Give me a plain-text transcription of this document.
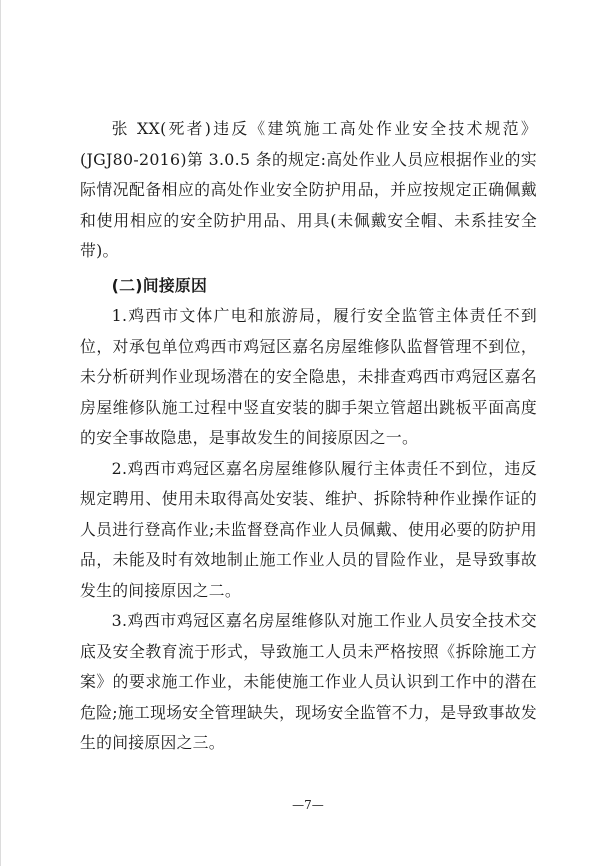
张 XX(死者)违反《建筑施工高处作业安全技术规范》(JGJ80-2016)第 3.0.5 条的规定:高处作业人员应根据作业的实际情况配备相应的高处作业安全防护用品，并应按规定正确佩戴和使用相应的安全防护用品、用具(未佩戴安全帽、未系挂安全带)。

(二)间接原因

1.鸡西市文体广电和旅游局，履行安全监管主体责任不到位，对承包单位鸡西市鸡冠区嘉名房屋维修队监督管理不到位，未分析研判作业现场潜在的安全隐患，未排查鸡西市鸡冠区嘉名房屋维修队施工过程中竖直安装的脚手架立管超出跳板平面高度的安全事故隐患，是事故发生的间接原因之一。

2.鸡西市鸡冠区嘉名房屋维修队履行主体责任不到位，违反规定聘用、使用未取得高处安装、维护、拆除特种作业操作证的人员进行登高作业;未监督登高作业人员佩戴、使用必要的防护用品，未能及时有效地制止施工作业人员的冒险作业，是导致事故发生的间接原因之二。

3.鸡西市鸡冠区嘉名房屋维修队对施工作业人员安全技术交底及安全教育流于形式，导致施工人员未严格按照《拆除施工方案》的要求施工作业，未能使施工作业人员认识到工作中的潜在危险;施工现场安全管理缺失，现场安全监管不力，是导致事故发生的间接原因之三。

—7—
